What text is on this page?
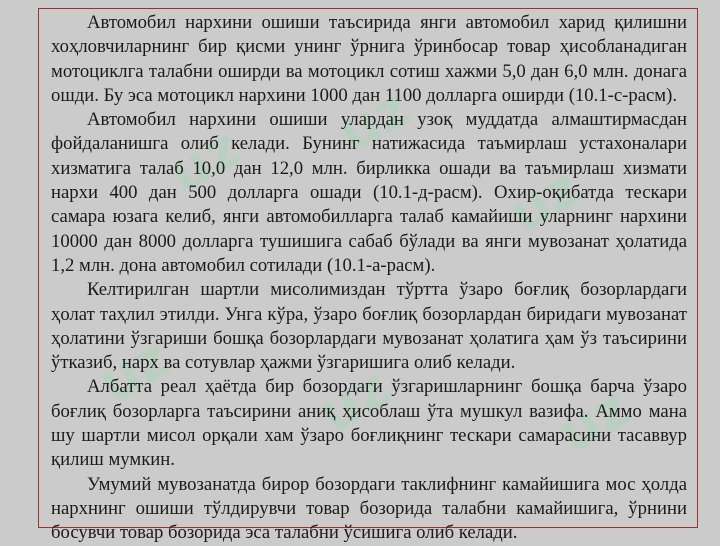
uz uz
uz
uz uz	uz

Автомобил нархини ошиши таъсирида янги автомобил харид қилишни хоҳловчиларнинг бир қисми унинг ўрнига ўринбосар товар ҳисобланадиган мотоциклга талабни оширди ва мотоцикл сотиш хажми 5,0 дан 6,0 млн. донага ошди. Бу эса мотоцикл нархини 1000 дан 1100 долларга оширди (10.1-с-расм).

Автомобил нархини ошиши улардан узоқ муддатда алмаштирмасдан фойдаланишга олиб келади. Бунинг натижасида таъмирлаш устахоналари хизматига талаб 10,0 дан 12,0 млн. бирликка ошади ва таъмирлаш хизмати нархи 400 дан 500 долларга ошади (10.1-д-расм). Охир-оқибатда тескари самара юзага келиб, янги автомобилларга талаб камайиши уларнинг нархини 10000 дан 8000 долларга тушишига сабаб бўлади ва янги мувозанат ҳолатида 1,2 млн. дона автомобил сотилади (10.1-а-расм).

Келтирилган шартли мисолимиздан тўртта ўзаро боғлиқ бозорлардаги ҳолат таҳлил этилди. Унга кўра, ўзаро боғлиқ бозорлардан биридаги мувозанат ҳолатини ўзгариши бошқа бозорлардаги мувозанат ҳолатига ҳам ўз таъсирини ўтказиб, нарх ва сотувлар ҳажми ўзгаришига олиб келади.

Албатта реал ҳаётда бир бозордаги ўзгаришларнинг бошқа барча ўзаро боғлиқ бозорларга таъсирини аниқ ҳисоблаш ўта мушкул вазифа. Аммо мана шу шартли мисол орқали хам ўзаро боғлиқнинг тескари самарасини тасаввур қилиш мумкин.

Умумий мувозанатда бирор бозордаги таклифнинг камайишига мос ҳолда нархнинг ошиши тўлдирувчи товар бозорида талабни камайишига, ўрнини босувчи товар бозорида эса талабни ўсишига олиб келади.
